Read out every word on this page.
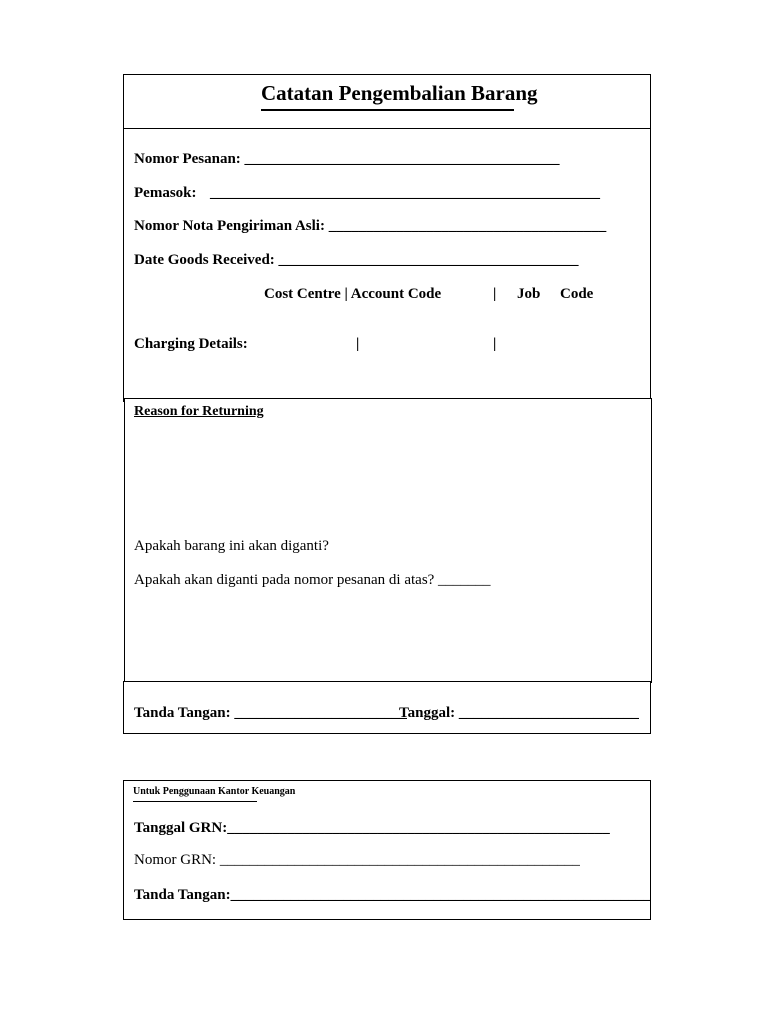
Catatan Pengembalian Barang
Nomor Pesanan: __________________________________________
Pemasok: ____________________________________________________
Nomor Nota Pengiriman Asli: _____________________________________
Date Goods Received: ________________________________________
Cost Centre | Account Code	| Job Code
Charging Details:	|	|
Reason for Returning
Apakah barang ini akan diganti?
Apakah akan diganti pada nomor pesanan di atas? _______
Tanda Tangan: _______________________
Tanggal: ________________________
Untuk Penggunaan Kantor Keuangan
Tanggal GRN:___________________________________________________
Nomor GRN: ________________________________________________
Tanda Tangan:________________________________________________________
